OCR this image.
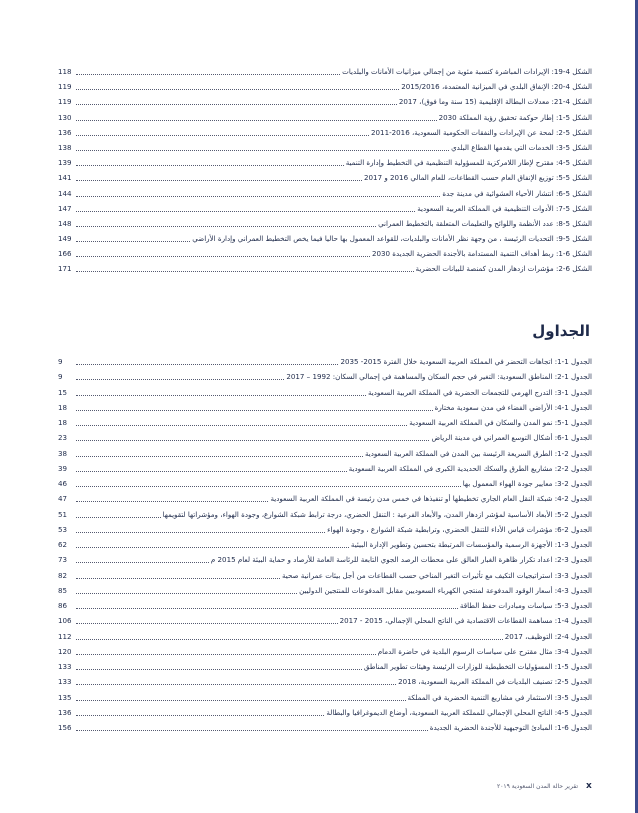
الشكل 4-19: الإيرادات المباشرة كنسبة مئوية من إجمالي ميزانيات الأمانات والبلديات
118
الشكل 4-20: الإنفاق البلدي في الميزانية المعتمدة، 2015/2016
119
الشكل 4-21: معدلات البطالة الإقليمية (15 سنة وما فوق)، 2017
119
الشكل 5-1: إطار حوكمة تحقيق رؤية المملكة 2030
130
الشكل 5-2: لمحة عن الإيرادات والنفقات الحكومية السعودية، 2016-2011
136
الشكل 5-3: الخدمات التي يقدمها القطاع البلدي
138
الشكل 5-4: مقترح لإطار اللامركزية للمسؤولية التنظيمية في التخطيط وإدارة التنمية
139
الشكل 5-5: توزيع الإنفاق العام حسب القطاعات، للعام المالي 2016 و 2017
141
الشكل 5-6: انتشار الأحياء العشوائية في مدينة جدة
144
الشكل 5-7: الأدوات التنظيمية في المملكة العربية السعودية
147
الشكل 5-8: عدد الأنظمة واللوائح والتعليمات المتعلقة بالتخطيط العمراني
148
الشكل 5-9: التحديات الرئيسة ، من وجهة نظر الأمانات والبلديات، للقواعد المعمول بها حاليا فيما يخص التخطيط العمراني وإدارة الأراضي
149
الشكل 6-1: ربط أهداف التنمية المستدامة بالأجندة الحضرية الجديدة 2030
166
الشكل 6-2: مؤشرات ازدهار المدن كمنصة للبيانات الحضرية
171
الجداول
الجدول 1-1: اتجاهات التحضر في المملكة العربية السعودية خلال الفترة 2015- 2035
9
الجدول 1-2: المناطق السعودية: التغير في حجم السكان والمساهمة في إجمالي السكان: 1992 – 2017
9
الجدول 1-3: التدرج الهرمي للتجمعات الحضرية في المملكة العربية السعودية
15
الجدول 1-4: الأراضي الفضاء في مدن سعودية مختارة
18
الجدول 1-5: نمو المدن والسكان في المملكة العربية السعودية
18
الجدول 1-6: أشكال التوسع العمراني في مدينة الرياض
23
الجدول 2-1: الطرق السريعة الرئيسة بين المدن في المملكة العربية السعودية
38
الجدول 2-2: مشاريع الطرق والسكك الحديدية الكبرى في المملكة العربية السعودية
39
الجدول 2-3: معايير جودة الهواء المعمول بها
46
الجدول 2-4: شبكة النقل العام الجاري تخطيطها أو تنفيذها في خمس مدن رئيسة في المملكة العربية السعودية
47
الجدول 2-5: الأبعاد الأساسية لمؤشر ازدهار المدن، والأبعاد الفرعية : التنقل الحضري، درجة ترابط شبكة الشوارع، وجودة الهواء، ومؤشراتها لتقويمها
51
الجدول 2-6: مؤشرات قياس الأداء للتنقل الحضري، وترابطية شبكة الشوارع ، وجودة الهواء
53
الجدول 3-1: الأجهزة الرسمية والمؤسسات المرتبطة بتحسين وتطوير الإدارة البيئية
62
الجدول 3-2: اعداد تكرار ظاهرة الغبار العالق على محطات الرصد الجوي التابعة للرئاسة العامة للأرصاد و حماية البيئة لعام 2015 م
73
الجدول 3-3: استراتيجيات التكيف مع تأثيرات التغير المناخي حسب القطاعات من أجل بيئات عمرانية صحية
82
الجدول 3-4: أسعار الوقود المدفوعة لمنتجي الكهرباء السعوديين مقابل المدفوعات للمنتجين الدوليين
85
الجدول 3-5: سياسات ومبادرات حفظ الطاقة
86
الجدول 4-1: مساهمة القطاعات الاقتصادية في الناتج المحلي الإجمالي، 2015 - 2017
106
الجدول 4-2: التوظيف، 2017
112
الجدول 4-3: مثال مقترح على سياسات الرسوم البلدية في حاضرة الدمام
120
الجدول 5-1: المسؤوليات التخطيطية للوزارات الرئيسة وهيئات تطوير المناطق
133
الجدول 5-2: تصنيف البلديات في المملكة العربية السعودية، 2018
133
الجدول 5-3: الاستثمار في مشاريع التنمية الحضرية في المملكة
135
الجدول 5-4: الناتج المحلي الإجمالي للمملكة العربية السعودية، أوضاع الديموغرافيا والبطالة
136
الجدول 6-1: المبادئ التوجيهية للأجندة الحضرية الجديدة
156
x
تقرير حالة المدن السعودية ٢٠١٩
